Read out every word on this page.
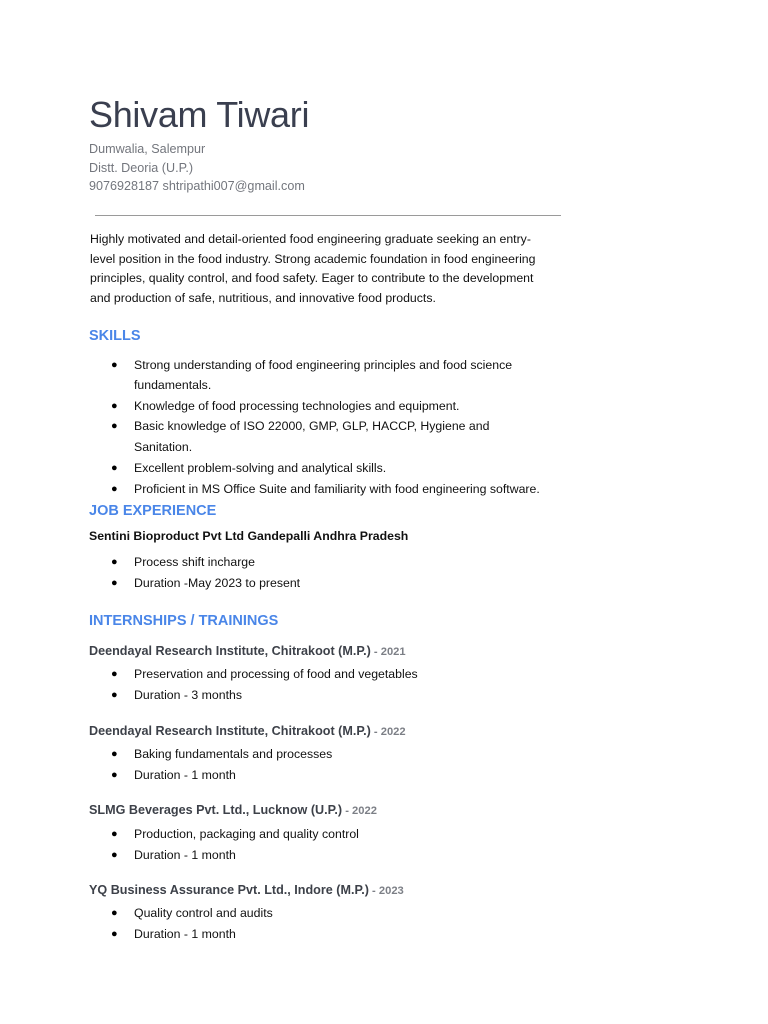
Shivam Tiwari
Dumwalia, Salempur
Distt. Deoria (U.P.)
9076928187 shtripathi007@gmail.com
Highly motivated and detail-oriented food engineering graduate seeking an entry-
level position in the food industry. Strong academic foundation in food engineering
principles, quality control, and food safety. Eager to contribute to the development
and production of safe, nutritious, and innovative food products.
SKILLS
● Strong understanding of food engineering principles and food science
fundamentals.
● Knowledge of food processing technologies and equipment.
● Basic knowledge of ISO 22000, GMP, GLP, HACCP, Hygiene and
Sanitation.
● Excellent problem-solving and analytical skills.
● Proficient in MS Office Suite and familiarity with food engineering software.
JOB EXPERIENCE
Sentini Bioproduct Pvt Ltd Gandepalli Andhra Pradesh
● Process shift incharge
● Duration -May 2023 to present
INTERNSHIPS / TRAININGS
Deendayal Research Institute, Chitrakoot (M.P.) - 2021
● Preservation and processing of food and vegetables
● Duration - 3 months
Deendayal Research Institute, Chitrakoot (M.P.) - 2022
● Baking fundamentals and processes
● Duration - 1 month
SLMG Beverages Pvt. Ltd., Lucknow (U.P.) - 2022
● Production, packaging and quality control
● Duration - 1 month
YQ Business Assurance Pvt. Ltd., Indore (M.P.) - 2023
● Quality control and audits
● Duration - 1 month
